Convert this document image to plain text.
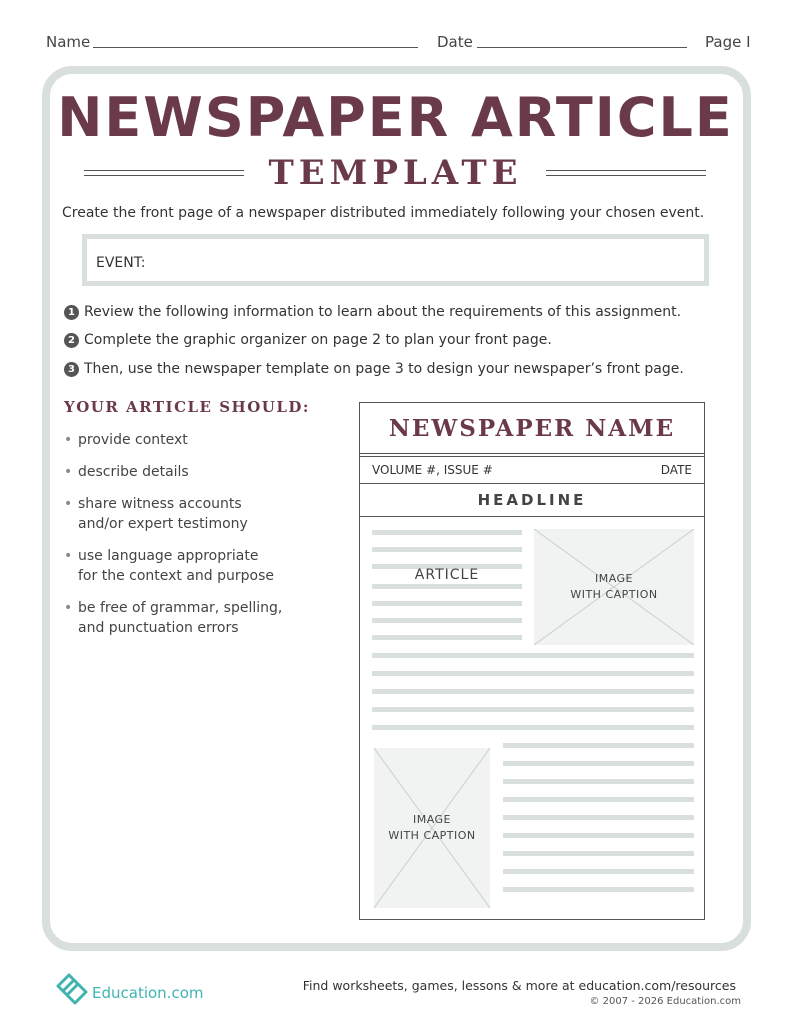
Name	Date	Page I
NEWSPAPER ARTICLE
TEMPLATE
Create the front page of a newspaper distributed immediately following your chosen event.
EVENT:
1 Review the following information to learn about the requirements of this assignment.
2 Complete the graphic organizer on page 2 to plan your front page.
3 Then, use the newspaper template on page 3 to design your newspaper’s front page.
YOUR ARTICLE SHOULD:
• provide context
• describe details
• share witness accounts
and/or expert testimony
• use language appropriate
for the context and purpose
• be free of grammar, spelling,
and punctuation errors
NEWSPAPER NAME
VOLUME #, ISSUE #	DATE
HEADLINE
ARTICLE	IMAGE
WITH CAPTION
IMAGE
WITH CAPTION
Education.com	Find worksheets, games, lessons & more at education.com/resources
© 2007 - 2026 Education.com
